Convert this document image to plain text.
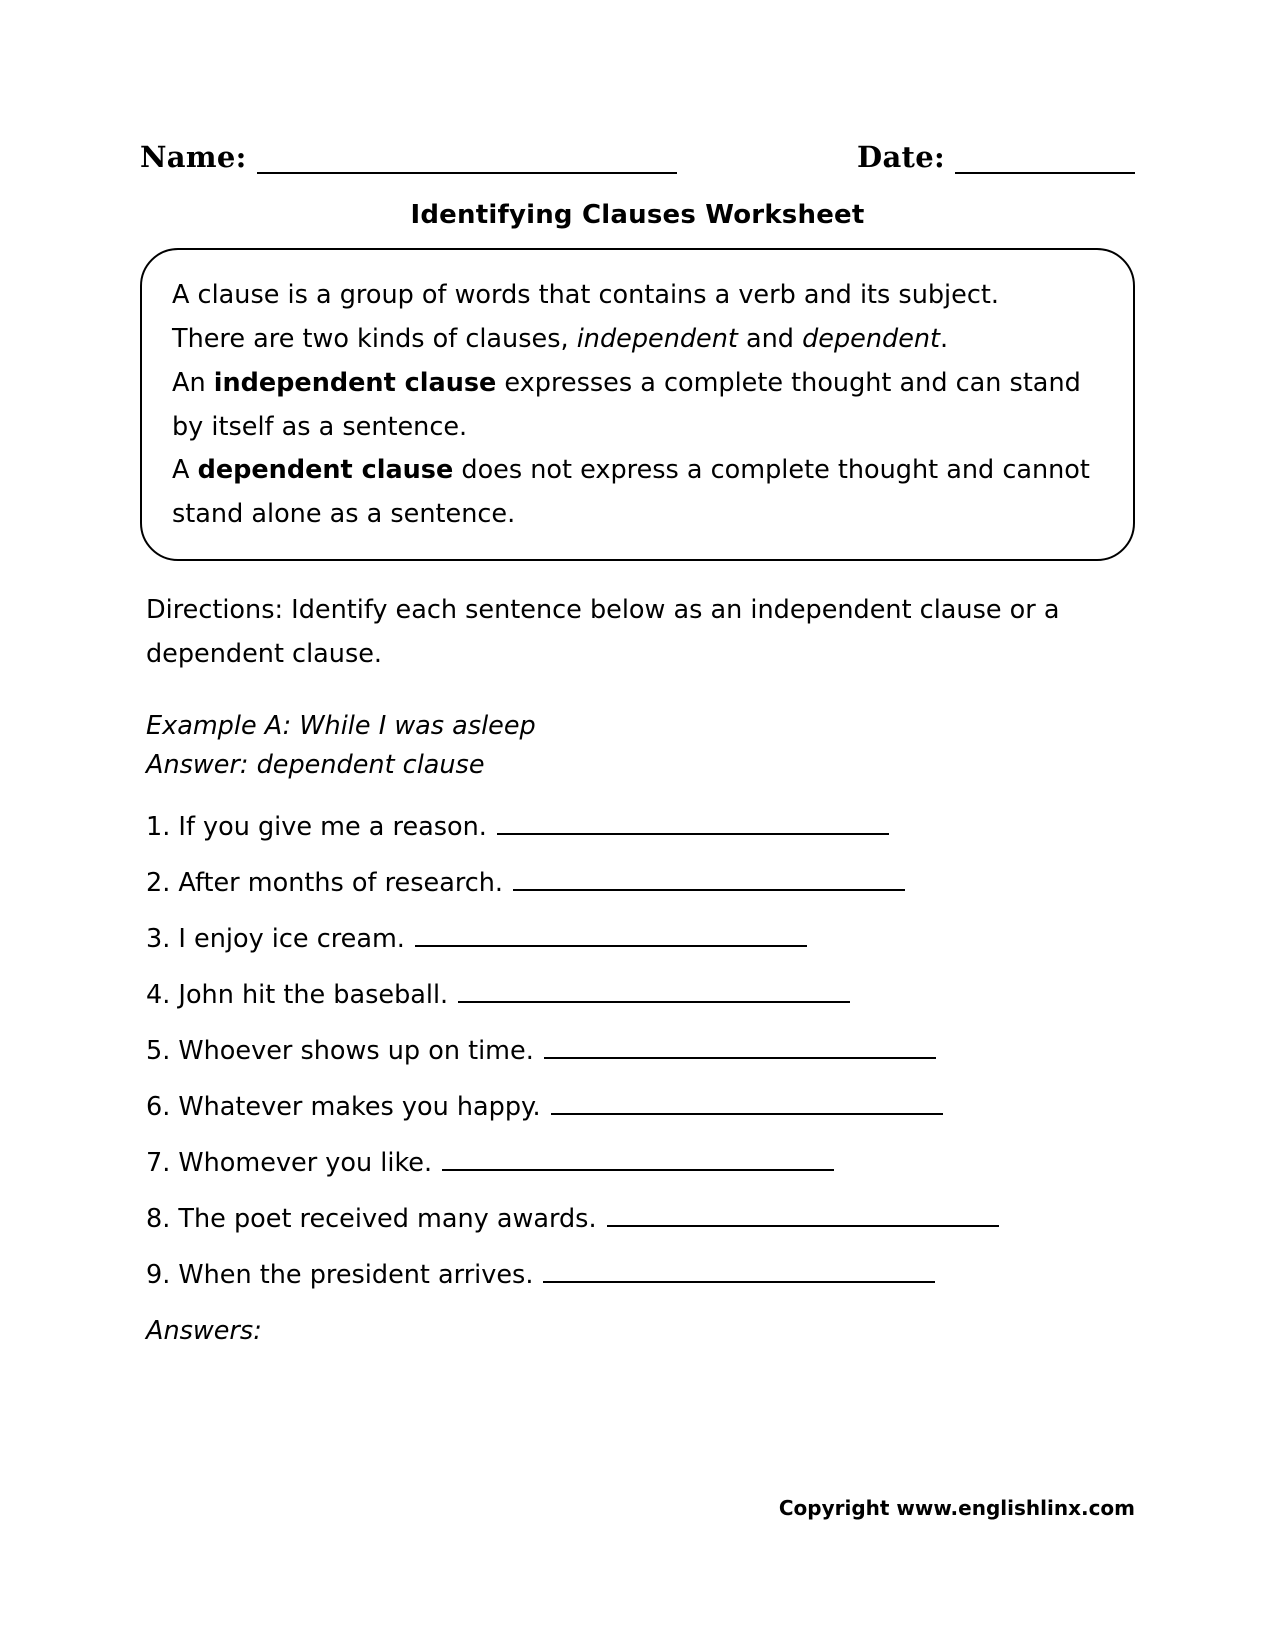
Name:	Date:
Identifying Clauses Worksheet

A clause is a group of words that contains a verb and its subject.

There are two kinds of clauses, independent and dependent.

An independent clause expresses a complete thought and can stand by itself as a sentence.

A dependent clause does not express a complete thought and cannot stand alone as a sentence.

Directions: Identify each sentence below as an independent clause or a dependent clause.
Example A: While I was asleep
Answer: dependent clause
1. If you give me a reason.
2. After months of research.
3. I enjoy ice cream.
4. John hit the baseball.
5. Whoever shows up on time.
6. Whatever makes you happy.
7. Whomever you like.
8. The poet received many awards.
9. When the president arrives.
Answers:
Copyright www.englishlinx.com
